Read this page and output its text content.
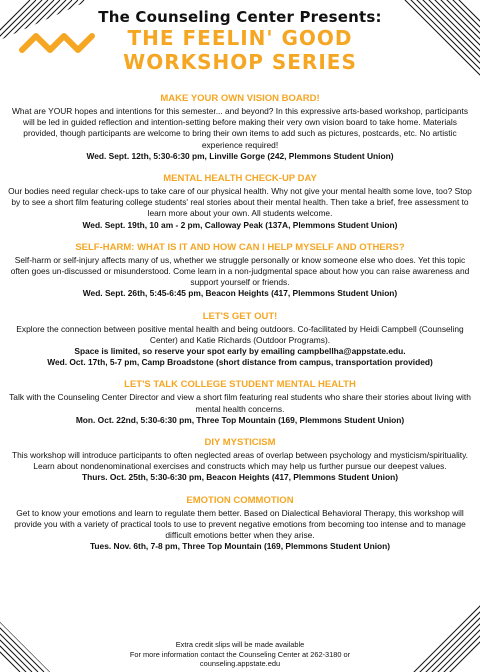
The Counseling Center Presents:
THE FEELIN' GOOD
WORKSHOP SERIES
MAKE YOUR OWN VISION BOARD!
What are YOUR hopes and intentions for this semester... and beyond? In this expressive arts-based workshop, participants will be led in guided reflection and intention-setting before making their very own vision board to take home. Materials provided, though participants are welcome to bring their own items to add such as pictures, postcards, etc. No artistic experience required!
Wed. Sept. 12th, 5:30-6:30 pm, Linville Gorge (242, Plemmons Student Union)
MENTAL HEALTH CHECK-UP DAY
Our bodies need regular check-ups to take care of our physical health. Why not give your mental health some love, too? Stop by to see a short film featuring college students' real stories about their mental health. Then take a brief, free assessment to learn more about your own. All students welcome.
Wed. Sept. 19th, 10 am - 2 pm, Calloway Peak (137A, Plemmons Student Union)
SELF-HARM: WHAT IS IT AND HOW CAN I HELP MYSELF AND OTHERS?
Self-harm or self-injury affects many of us, whether we struggle personally or know someone else who does. Yet this topic often goes un-discussed or misunderstood. Come learn in a non-judgmental space about how you can raise awareness and support yourself or friends.
Wed. Sept. 26th, 5:45-6:45 pm, Beacon Heights (417, Plemmons Student Union)
LET'S GET OUT!
Explore the connection between positive mental health and being outdoors. Co-facilitated by Heidi Campbell (Counseling Center) and Katie Richards (Outdoor Programs).
Space is limited, so reserve your spot early by emailing campbellha@appstate.edu.
Wed. Oct. 17th, 5-7 pm, Camp Broadstone (short distance from campus, transportation provided)
LET'S TALK COLLEGE STUDENT MENTAL HEALTH
Talk with the Counseling Center Director and view a short film featuring real students who share their stories about living with mental health concerns.
Mon. Oct. 22nd, 5:30-6:30 pm, Three Top Mountain (169, Plemmons Student Union)
DIY MYSTICISM
This workshop will introduce participants to often neglected areas of overlap between psychology and mysticism/spirituality. Learn about nondenominational exercises and constructs which may help us further pursue our deepest values.
Thurs. Oct. 25th, 5:30-6:30 pm, Beacon Heights (417, Plemmons Student Union)
EMOTION COMMOTION
Get to know your emotions and learn to regulate them better. Based on Dialectical Behavioral Therapy, this workshop will provide you with a variety of practical tools to use to prevent negative emotions from becoming too intense and to manage difficult emotions better when they arise.
Tues. Nov. 6th, 7-8 pm, Three Top Mountain (169, Plemmons Student Union)
Extra credit slips will be made available
For more information contact the Counseling Center at 262-3180 or
counseling.appstate.edu
